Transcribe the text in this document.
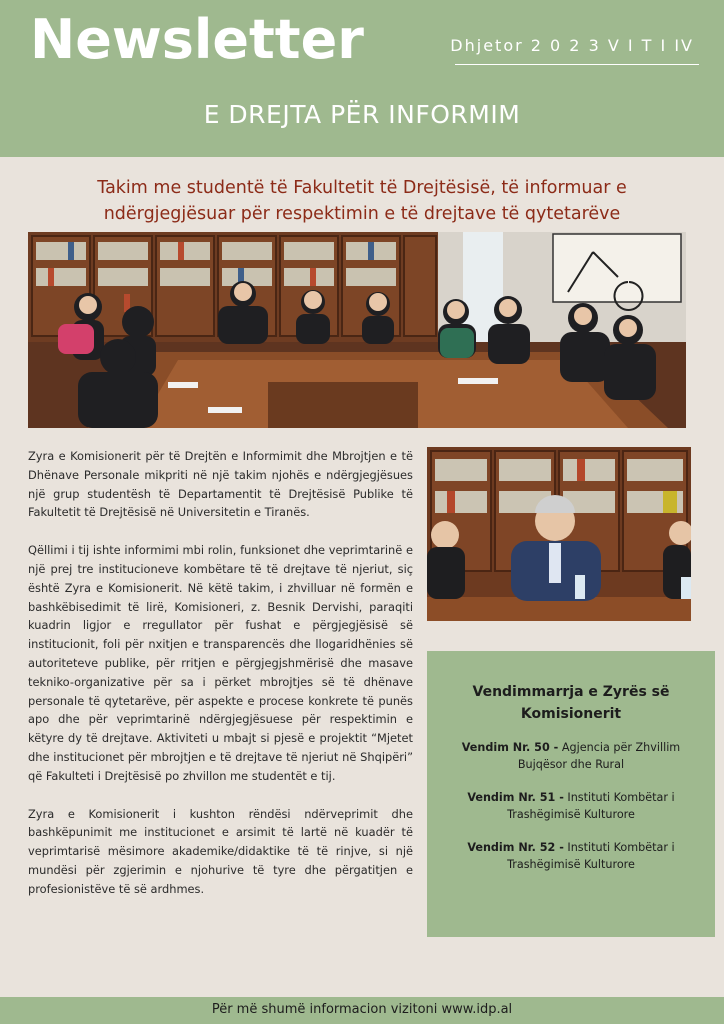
Newsletter	Dhjetor 2 0 2 3 V I T I IV
E DREJTA PËR INFORMIM
Takim me studentë të Fakultetit të Drejtësisë, të informuar e
ndërgjegjësuar për respektimin e të drejtave të qytetarëve

Zyra e Komisionerit për të Drejtën e Informimit dhe Mbrojtjen e të Dhënave Personale mikpriti në një takim njohës e ndërgjegjësues një grup studentësh të Departamentit të Drejtësisë Publike të Fakultetit të Drejtësisë në Universitetin e Tiranës.

Qëllimi i tij ishte informimi mbi rolin, funksionet dhe veprimtarinë e një prej tre institucioneve kombëtare të të drejtave të njeriut, siç është Zyra e Komisionerit. Në këtë takim, i zhvilluar në formën e bashkëbisedimit të lirë, Komisioneri, z. Besnik Dervishi, paraqiti kuadrin ligjor e rregullator për fushat e përgjegjësisë së institucionit, foli për nxitjen e transparencës dhe llogaridhënies së autoriteteve publike, për rritjen e përgjegjshmërisë dhe masave tekniko-organizative për sa i përket mbrojtjes së të dhënave personale të qytetarëve, për aspekte e procese konkrete të punës apo dhe për veprimtarinë ndërgjegjësuese për respektimin e këtyre dy të drejtave. Aktiviteti u mbajt si pjesë e projektit “Mjetet dhe institucionet për mbrojtjen e të drejtave të njeriut në Shqipëri” që Fakulteti i Drejtësisë po zhvillon me studentët e tij.

Zyra e Komisionerit i kushton rëndësi ndërveprimit dhe bashkëpunimit me institucionet e arsimit të lartë në kuadër të veprimtarisë mësimore akademike/didaktike të të rinjve, si një mundësi për zgjerimin e njohurive të tyre dhe përgatitjen e profesionistëve të së ardhmes.

Vendimmarrja e Zyrës së
Komisionerit
Vendim Nr. 50 - Agjencia për Zhvillim Bujqësor dhe Rural
Vendim Nr. 51 - Instituti Kombëtar i Trashëgimisë Kulturore
Vendim Nr. 52 - Instituti Kombëtar i Trashëgimisë Kulturore
Për më shumë informacion vizitoni www.idp.al
